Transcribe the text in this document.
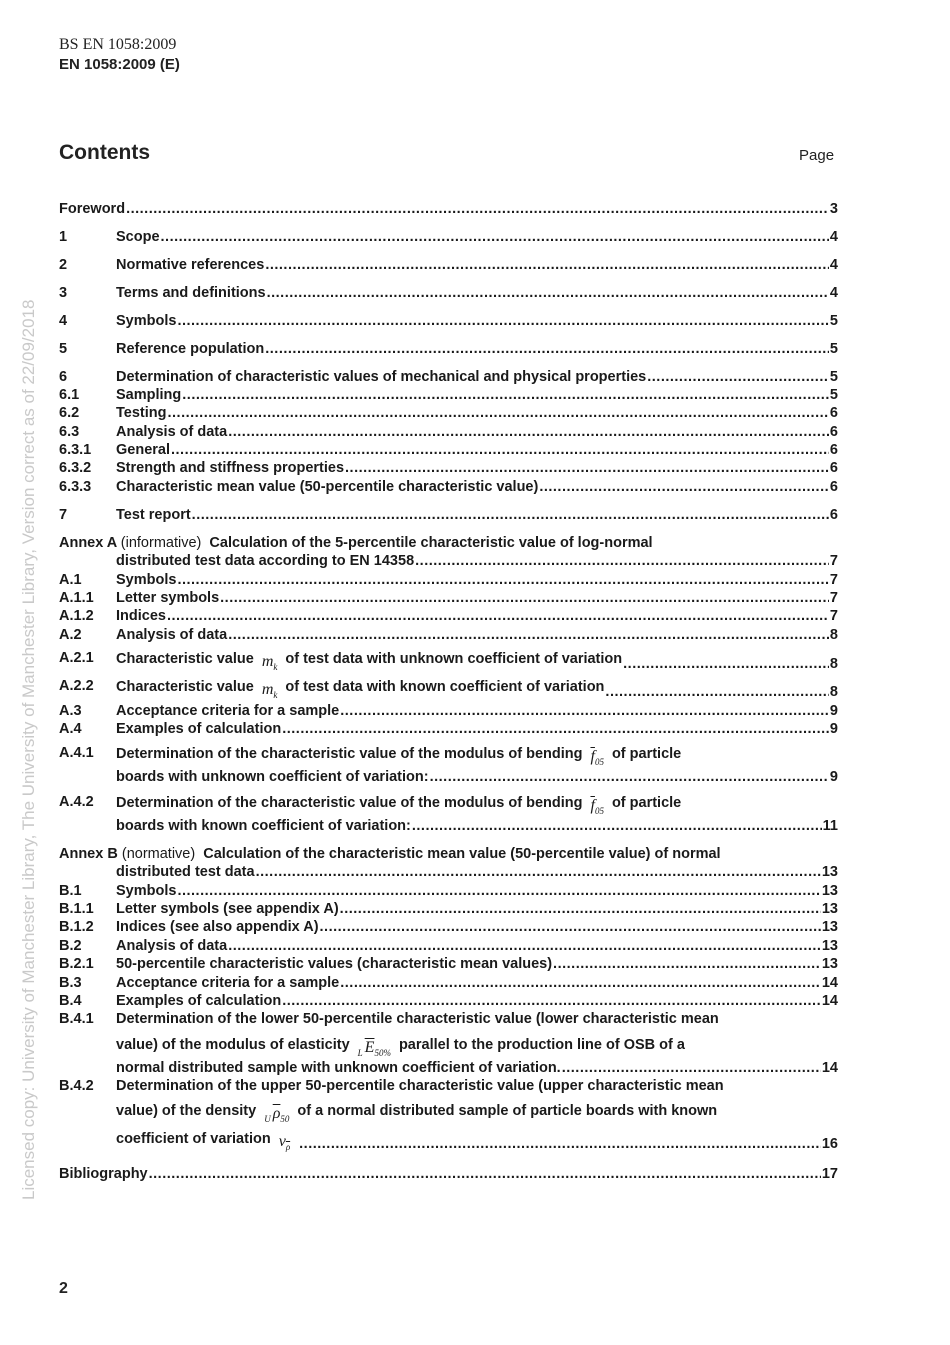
BS EN 1058:2009
EN 1058:2009 (E)
Licensed copy: University of Manchester Library, The University of Manchester Library, Version correct as of 22/09/2018
Contents	Page
Foreword .....	3
1	Scope .....	4
2	Normative references .....	4
3	Terms and definitions .....	4
4	Symbols .....	5
5	Reference population .....	5
6	Determination of characteristic values of mechanical and physical properties .....	5
6.1	Sampling .....	5
6.2	Testing .....	6
6.3	Analysis of data .....	6
6.3.1 General .....	6
6.3.2 Strength and stiffness properties .....	6
6.3.3 Characteristic mean value (50-percentile characteristic value) .....	6
7	Test report .....	6
Annex A (informative) Calculation of the 5-percentile characteristic value of log-normal
distributed test data according to EN 14358 .....	7
A.1 Symbols .....	7
A.1.1 Letter symbols .....	7
A.1.2 Indices .....	7
A.2 Analysis of data .....	8
A.2.1 Characteristic value $m_kof$ test data with unknown coefficient of variation .....	8
A.2.2 Characteristic value $m_kof$ test data with known coefficient of variation .....	8
A.3 Acceptance criteria for a sample .....	9
A.4 Examples of calculation .....	9
A.4.1 Determination of the characteristic value of the modulus of bending $\overline{f}_{05}of$ particle
boards with unknown coefficient of variation: .....	9
A.4.2 Determination of the characteristic value of the modulus of bending $\overline{f}_{05}of$ particle
boards with known coefficient of variation: .....	11
Annex B (normative) Calculation of the characteristic mean value (50-percentile value) of normal
distributed test data .....	13
B.1 Symbols .....	13
B.1.1 Letter symbols (see appendix A) .....	13
B.1.2 Indices (see also appendix A) .....	13
B.2 Analysis of data .....	13
B.2.1 50-percentile characteristic values (characteristic mean values) .....	13
B.3 Acceptance criteria for a sample .....	14
B.4 Examples of calculation .....	14
B.4.1 Determination of the lower 50-percentile characteristic value (lower characteristic mean
value) of the modulus of elasticity $_L$ $\overline{E}_{50\%}parallel$ to the production line of OSB of a
normal distributed sample with unknown coefficient of variation. .....	14
B.4.2 Determination of the upper 50-percentile characteristic value (upper characteristic mean
value) of the density $_U$ $\overline{\rho}_{50}of$ a normal distributed sample of particle boards with known
coefficient of variation $v_{\overline{\rho}}$ .....	16
Bibliography .....	17
2
